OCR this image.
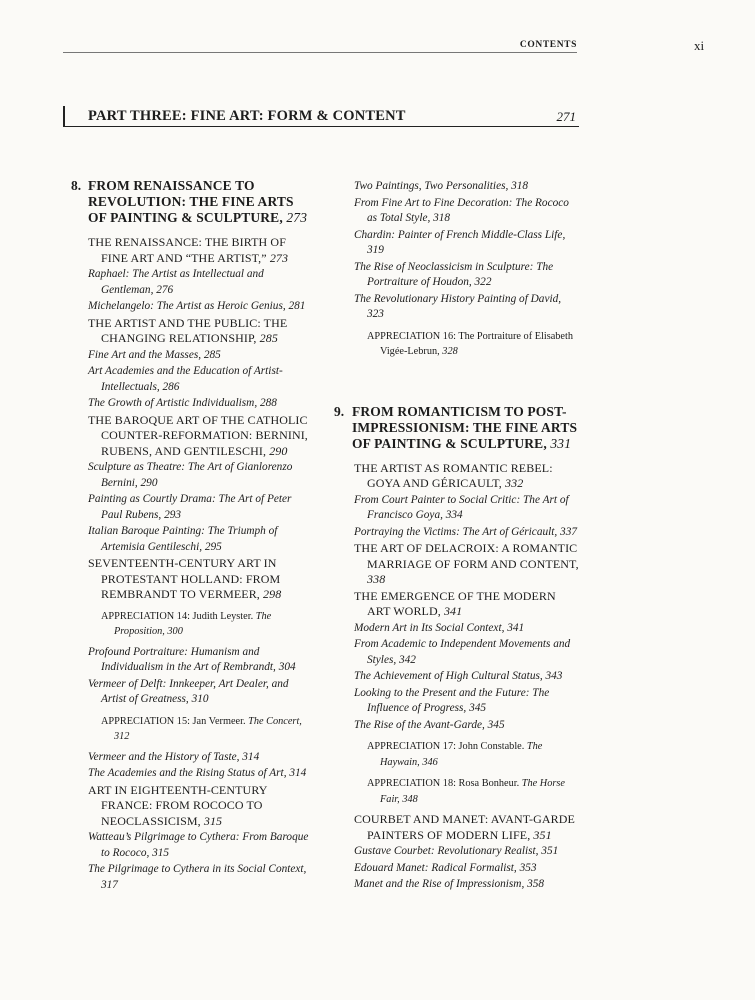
CONTENTS	xi
PART THREE: FINE ART: FORM & CONTENT	271
8. FROM RENAISSANCE TO REVOLUTION: THE FINE ARTS OF PAINTING & SCULPTURE, 273
THE RENAISSANCE: THE BIRTH OF FINE ART AND “THE ARTIST,” 273
Raphael: The Artist as Intellectual and Gentleman, 276
Michelangelo: The Artist as Heroic Genius, 281
THE ARTIST AND THE PUBLIC: THE CHANGING RELATIONSHIP, 285
Fine Art and the Masses, 285
Art Academies and the Education of Artist-Intellectuals, 286
The Growth of Artistic Individualism, 288
THE BAROQUE ART OF THE CATHOLIC COUNTER-REFORMATION: BERNINI, RUBENS, AND GENTILESCHI, 290
Sculpture as Theatre: The Art of Gianlorenzo Bernini, 290
Painting as Courtly Drama: The Art of Peter Paul Rubens, 293
Italian Baroque Painting: The Triumph of Artemisia Gentileschi, 295
SEVENTEENTH-CENTURY ART IN PROTESTANT HOLLAND: FROM REMBRANDT TO VERMEER, 298
APPRECIATION 14: Judith Leyster. The Proposition, 300
Profound Portraiture: Humanism and Individualism in the Art of Rembrandt, 304
Vermeer of Delft: Innkeeper, Art Dealer, and Artist of Greatness, 310
APPRECIATION 15: Jan Vermeer. The Concert, 312
Vermeer and the History of Taste, 314
The Academies and the Rising Status of Art, 314
ART IN EIGHTEENTH-CENTURY FRANCE: FROM ROCOCO TO NEOCLASSICISM, 315
Watteau’s Pilgrimage to Cythera: From Baroque to Rococo, 315
The Pilgrimage to Cythera in its Social Context, 317
Two Paintings, Two Personalities, 318
From Fine Art to Fine Decoration: The Rococo as Total Style, 318
Chardin: Painter of French Middle-Class Life, 319
The Rise of Neoclassicism in Sculpture: The Portraiture of Houdon, 322
The Revolutionary History Painting of David, 323
APPRECIATION 16: The Portraiture of Elisabeth Vigée-Lebrun, 328
9. FROM ROMANTICISM TO POST-IMPRESSIONISM: THE FINE ARTS OF PAINTING & SCULPTURE, 331
THE ARTIST AS ROMANTIC REBEL: GOYA AND GÉRICAULT, 332
From Court Painter to Social Critic: The Art of Francisco Goya, 334
Portraying the Victims: The Art of Géricault, 337
THE ART OF DELACROIX: A ROMANTIC MARRIAGE OF FORM AND CONTENT, 338
THE EMERGENCE OF THE MODERN ART WORLD, 341
Modern Art in Its Social Context, 341
From Academic to Independent Movements and Styles, 342
The Achievement of High Cultural Status, 343
Looking to the Present and the Future: The Influence of Progress, 345
The Rise of the Avant-Garde, 345
APPRECIATION 17: John Constable. The Haywain, 346
APPRECIATION 18: Rosa Bonheur. The Horse Fair, 348
COURBET AND MANET: AVANT-GARDE PAINTERS OF MODERN LIFE, 351
Gustave Courbet: Revolutionary Realist, 351
Edouard Manet: Radical Formalist, 353
Manet and the Rise of Impressionism, 358
